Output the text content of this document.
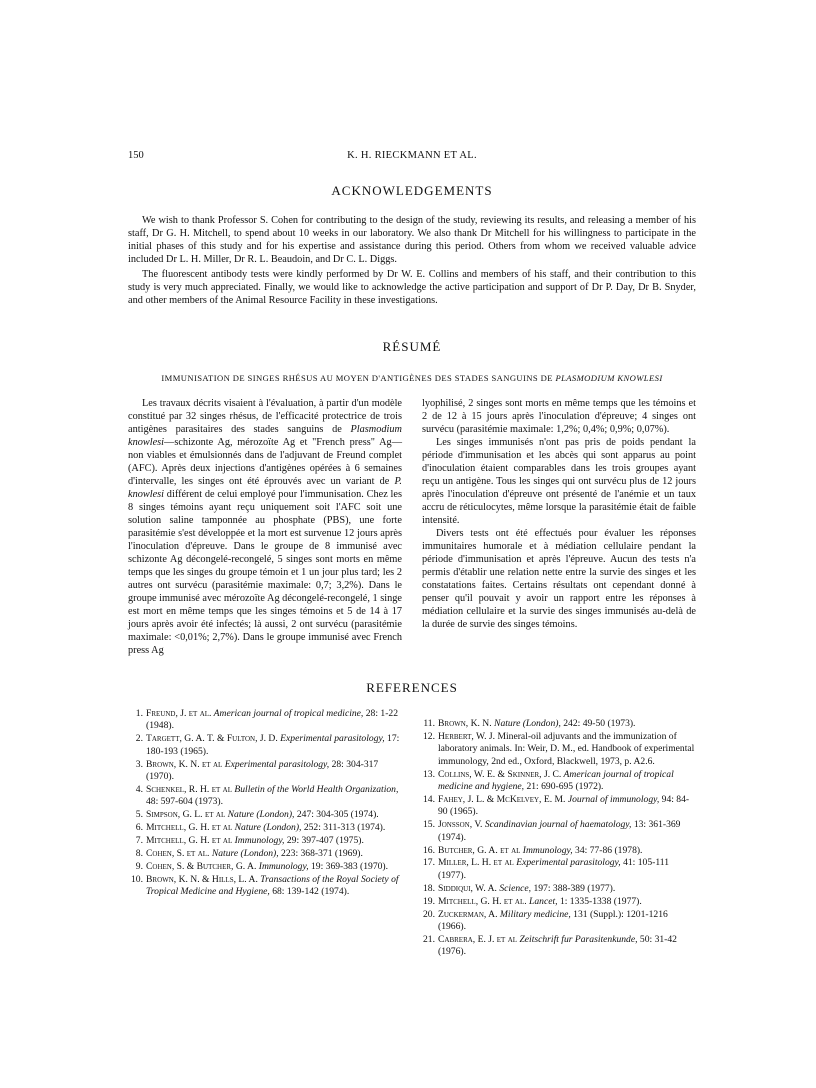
150	K. H. RIECKMANN ET AL.
ACKNOWLEDGEMENTS

We wish to thank Professor S. Cohen for contributing to the design of the study, reviewing its results, and releasing a member of his staff, Dr G. H. Mitchell, to spend about 10 weeks in our laboratory. We also thank Dr Mitchell for his willingness to participate in the initial phases of this study and for his expertise and assistance during this period. Others from whom we received valuable advice included Dr L. H. Miller, Dr R. L. Beaudoin, and Dr C. L. Diggs.

The fluorescent antibody tests were kindly performed by Dr W. E. Collins and members of his staff, and their contribution to this study is very much appreciated. Finally, we would like to acknowledge the active participation and support of Dr P. Day, Dr B. Snyder, and other members of the Animal Resource Facility in these investigations.

RÉSUMÉ
IMMUNISATION DE SINGES RHÉSUS AU MOYEN D'ANTIGÈNES DES STADES SANGUINS DE PLASMODIUM KNOWLESI

Les travaux décrits visaient à l'évaluation, à partir d'un modèle constitué par 32 singes rhésus, de l'efficacité protectrice de trois antigènes parasitaires des stades sanguins de Plasmodium knowlesi—schizonte Ag, mérozoïte Ag et "French press" Ag—non viables et émulsionnés dans de l'adjuvant de Freund complet (AFC). Après deux injections d'antigènes opérées à 6 semaines d'intervalle, les singes ont été éprouvés avec un variant de P. knowlesi différent de celui employé pour l'immunisation. Chez les 8 singes témoins ayant reçu uniquement soit l'AFC soit une solution saline tamponnée au phosphate (PBS), une forte parasitémie s'est développée et la mort est survenue 12 jours après l'inoculation d'épreuve. Dans le groupe de 8 immunisé avec schizonte Ag décongelé-recongelé, 5 singes sont morts en même temps que les singes du groupe témoin et 1 un jour plus tard; les 2 autres ont survécu (parasitémie maximale: 0,7; 3,2%). Dans le groupe immunisé avec mérozoïte Ag décongelé-recongelé, 1 singe est mort en même temps que les singes témoins et 5 de 14 à 17 jours après avoir été infectés; là aussi, 2 ont survécu (parasitémie maximale: <0,01%; 2,7%). Dans le groupe immunisé avec French press Ag

lyophilisé, 2 singes sont morts en même temps que les témoins et 2 de 12 à 15 jours après l'inoculation d'épreuve; 4 singes ont survécu (parasitémie maximale: 1,2%; 0,4%; 0,9%; 0,07%).

Les singes immunisés n'ont pas pris de poids pendant la période d'immunisation et les abcès qui sont apparus au point d'inoculation étaient comparables dans les trois groupes ayant reçu un antigène. Tous les singes qui ont survécu plus de 12 jours après l'inoculation d'épreuve ont présenté de l'anémie et un taux accru de réticulocytes, même lorsque la parasitémie était de faible intensité.

Divers tests ont été effectués pour évaluer les réponses immunitaires humorale et à médiation cellulaire pendant la période d'immunisation et après l'épreuve. Aucun des tests n'a permis d'établir une relation nette entre la survie des singes et les constatations faites. Certains résultats ont cependant donné à penser qu'il pouvait y avoir un rapport entre les réponses à médiation cellulaire et la survie des singes immunisés au-delà de la durée de survie des singes témoins.

REFERENCES
1. Freund, J. et al. American journal of tropical medicine, 28: 1-22 (1948).
2. Targett, G. A. T. & Fulton, J. D. Experimental parasitology, 17: 180-193 (1965).
3. Brown, K. N. et al Experimental parasitology, 28: 304-317 (1970).
4. Schenkel, R. H. et al Bulletin of the World Health Organization, 48: 597-604 (1973).
5. Simpson, G. L. et al Nature (London), 247: 304-305 (1974).
6. Mitchell, G. H. et al Nature (London), 252: 311-313 (1974).
7. Mitchell, G. H. et al Immunology, 29: 397-407 (1975).
8. Cohen, S. et al. Nature (London), 223: 368-371 (1969).
9. Cohen, S. & Butcher, G. A. Immunology, 19: 369-383 (1970).
10. Brown, K. N. & Hills, L. A. Transactions of the Royal Society of Tropical Medicine and Hygiene, 68: 139-142 (1974).
11. Brown, K. N. Nature (London), 242: 49-50 (1973).
12. Herbert, W. J. Mineral-oil adjuvants and the immunization of laboratory animals. In: Weir, D. M., ed. Handbook of experimental immunology, 2nd ed., Oxford, Blackwell, 1973, p. A2.6.
13. Collins, W. E. & Skinner, J. C. American journal of tropical medicine and hygiene, 21: 690-695 (1972).
14. Fahey, J. L. & McKelvey, E. M. Journal of immunology, 94: 84-90 (1965).
15. Jonsson, V. Scandinavian journal of haematology, 13: 361-369 (1974).
16. Butcher, G. A. et al Immunology, 34: 77-86 (1978).
17. Miller, L. H. et al Experimental parasitology, 41: 105-111 (1977).
18. Siddiqui, W. A. Science, 197: 388-389 (1977).
19. Mitchell, G. H. et al. Lancet, 1: 1335-1338 (1977).
20. Zuckerman, A. Military medicine, 131 (Suppl.): 1201-1216 (1966).
21. Cabrera, E. J. et al Zeitschrift fur Parasitenkunde, 50: 31-42 (1976).
